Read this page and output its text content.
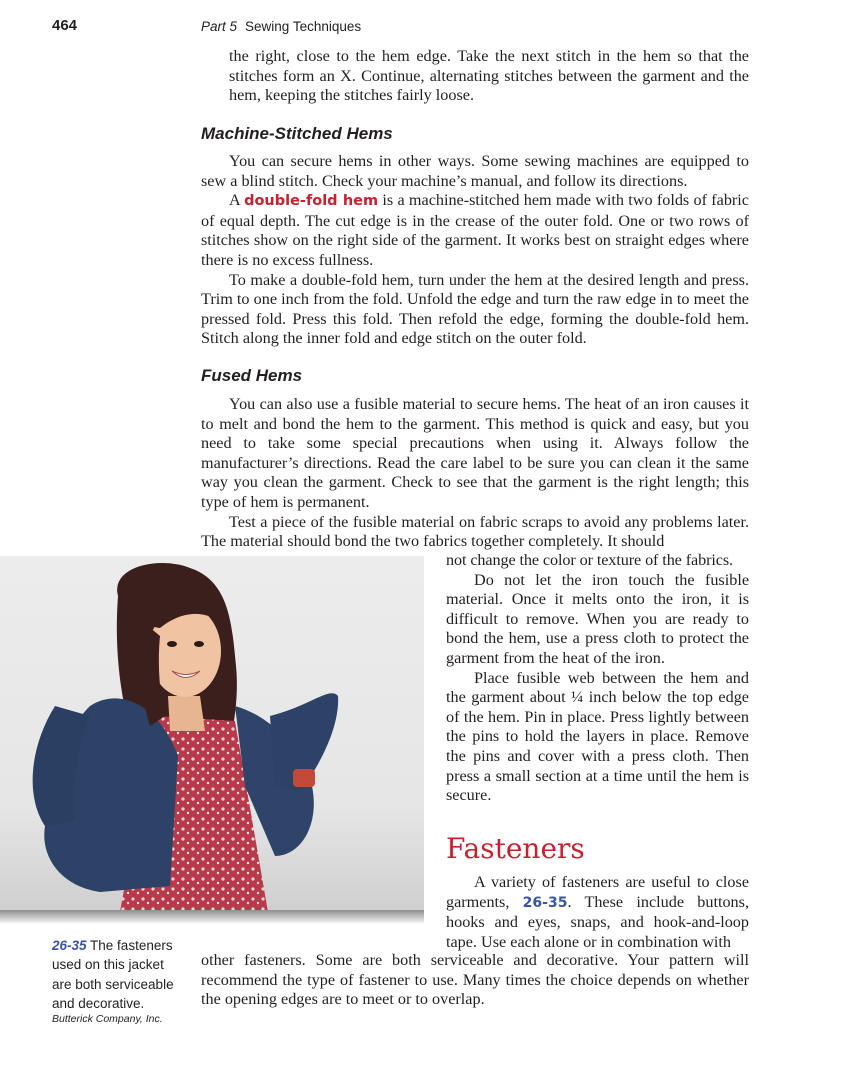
464	Part 5 Sewing Techniques

the right, close to the hem edge. Take the next stitch in the hem so that the stitches form an X. Continue, alternating stitches between the garment and the hem, keeping the stitches fairly loose.

Machine-Stitched Hems

You can secure hems in other ways. Some sewing machines are equipped to sew a blind stitch. Check your machine’s manual, and follow its directions.

A double-fold hem is a machine-stitched hem made with two folds of fabric of equal depth. The cut edge is in the crease of the outer fold. One or two rows of stitches show on the right side of the garment. It works best on straight edges where there is no excess fullness.

To make a double-fold hem, turn under the hem at the desired length and press. Trim to one inch from the fold. Unfold the edge and turn the raw edge in to meet the pressed fold. Press this fold. Then refold the edge, forming the double-fold hem. Stitch along the inner fold and edge stitch on the outer fold.

Fused Hems

You can also use a fusible material to secure hems. The heat of an iron causes it to melt and bond the hem to the garment. This method is quick and easy, but you need to take some special precautions when using it. Always follow the manufacturer’s directions. Read the care label to be sure you can clean it the same way you clean the garment. Check to see that the garment is the right length; this type of hem is permanent.

Test a piece of the fusible material on fabric scraps to avoid any problems later. The material should bond the two fabrics together completely. It should

not change the color or texture of the fabrics.

Do not let the iron touch the fusible material. Once it melts onto the iron, it is difficult to remove. When you are ready to bond the hem, use a press cloth to protect the garment from the heat of the iron.

Place fusible web between the hem and the garment about ¼ inch below the top edge of the hem. Pin in place. Press lightly between the pins to hold the layers in place. Remove the pins and cover with a press cloth. Then press a small section at a time until the hem is secure.

Fasteners

A variety of fasteners are useful to close garments, 26-35. These include buttons, hooks and eyes, snaps, and hook-and-loop tape. Use each alone or in combination with

other fasteners. Some are both serviceable and decorative. Your pattern will recommend the type of fastener to use. Many times the choice depends on whether the opening edges are to meet or to overlap.

26-35 The fasteners used on this jacket are both serviceable and decorative.
Butterick Company, Inc.
